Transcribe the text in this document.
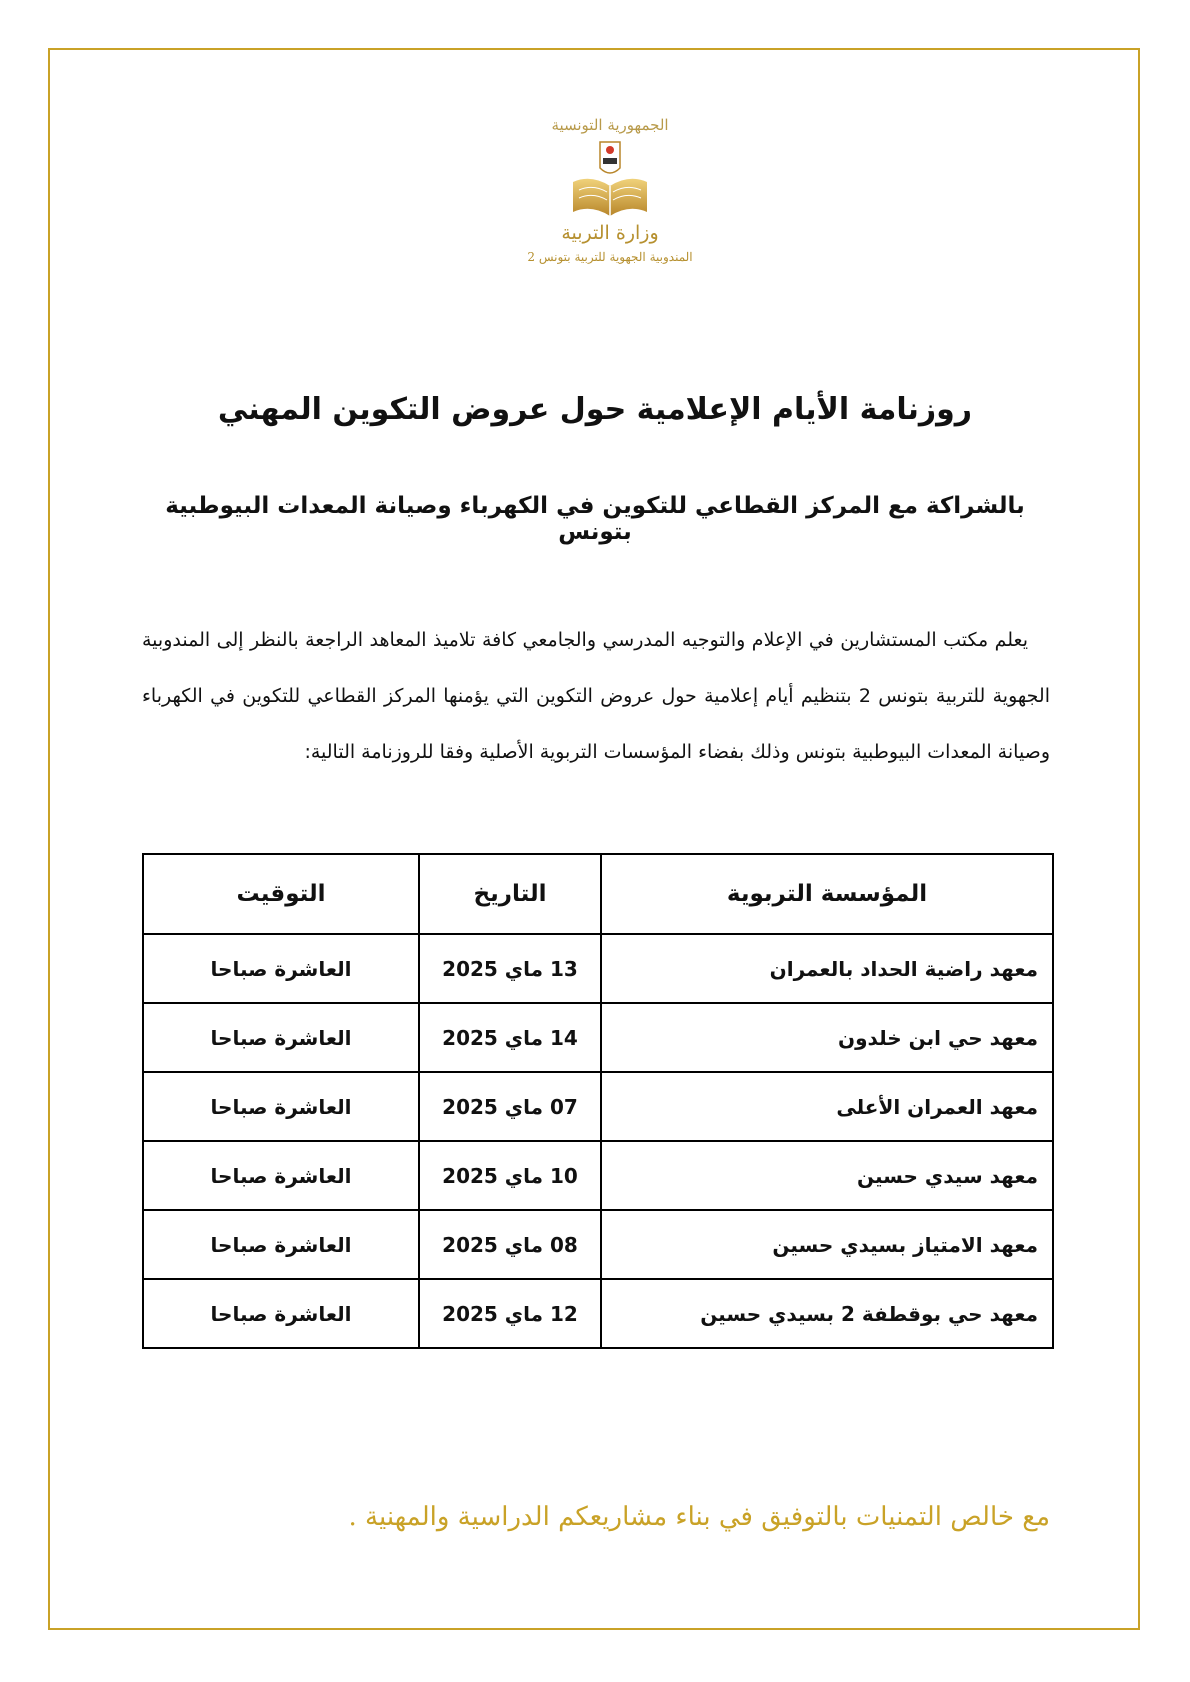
الجمهورية التونسية
وزارة التربية
المندوبية الجهوية للتربية بتونس 2
روزنامة الأيام الإعلامية حول عروض التكوين المهني
بالشراكة مع المركز القطاعي للتكوين في الكهرباء وصيانة المعدات البيوطبية بتونس

يعلم مكتب المستشارين في الإعلام والتوجيه المدرسي والجامعي كافة تلاميذ المعاهد الراجعة بالنظر إلى المندوبية الجهوية للتربية بتونس 2 بتنظيم أيام إعلامية حول عروض التكوين التي يؤمنها المركز القطاعي للتكوين في الكهرباء وصيانة المعدات البيوطبية بتونس وذلك بفضاء المؤسسات التربوية الأصلية وفقا للروزنامة التالية:

المؤسسة التربوية	التاريخ	التوقيت
معهد راضية الحداد بالعمران	13 ماي 2025	العاشرة صباحا
معهد حي ابن خلدون	14 ماي 2025	العاشرة صباحا
معهد العمران الأعلى	07 ماي 2025	العاشرة صباحا
معهد سيدي حسين	10 ماي 2025	العاشرة صباحا
معهد الامتياز بسيدي حسين	08 ماي 2025	العاشرة صباحا
معهد حي بوقطفة 2 بسيدي حسين	12 ماي 2025	العاشرة صباحا
مع خالص التمنيات بالتوفيق في بناء مشاريعكم الدراسية والمهنية .
